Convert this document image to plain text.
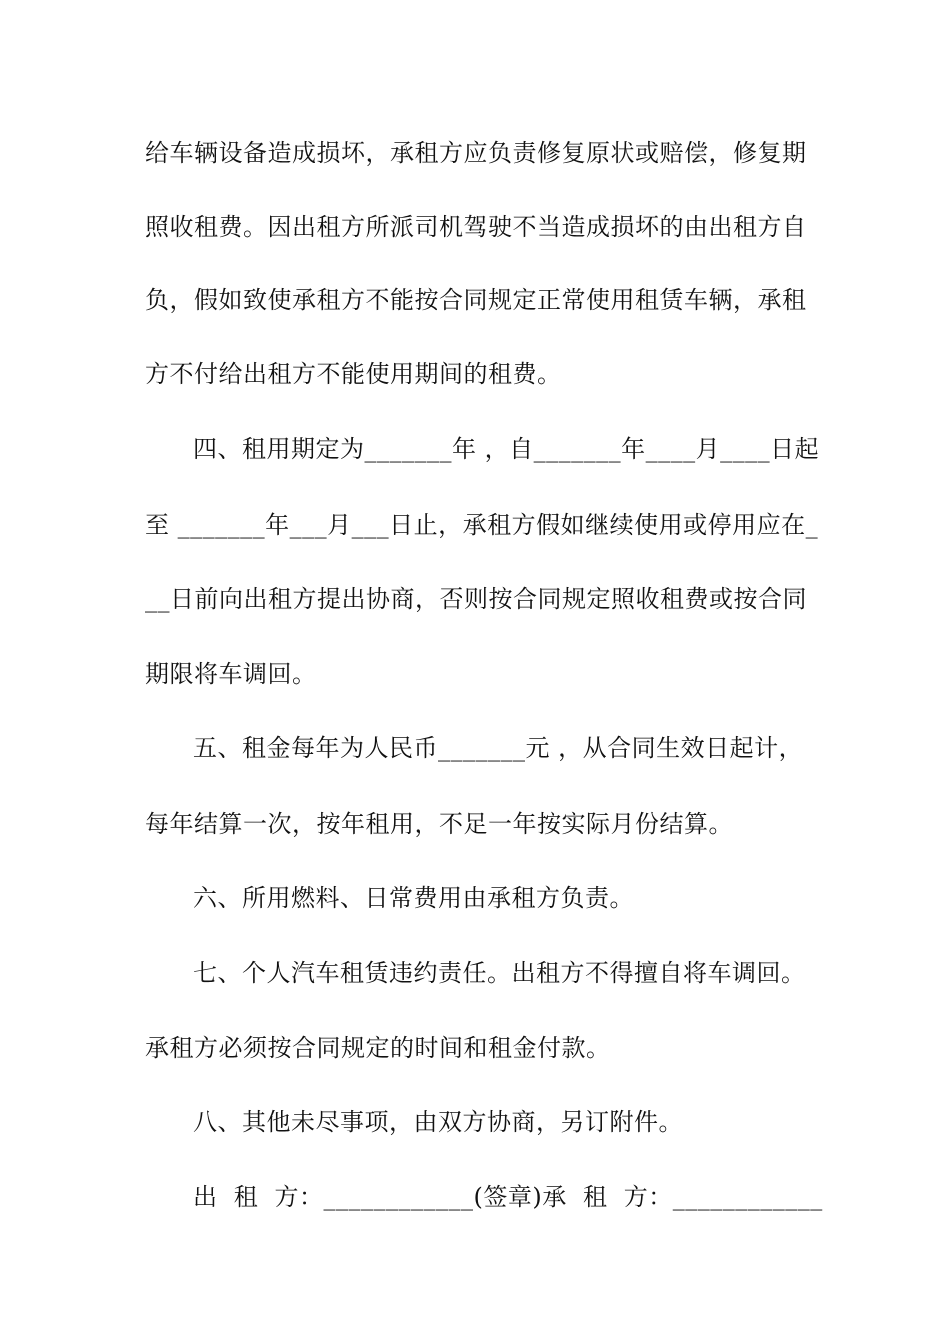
给车辆设备造成损坏，承租方应负责修复原状或赔偿，修复期
照收租费。因出租方所派司机驾驶不当造成损坏的由出租方自
负，假如致使承租方不能按合同规定正常使用租赁车辆，承租
方不付给出租方不能使用期间的租费。
四、租用期定为_______年 ，自_______年____月____日起
至 _______年___月___日止，承租方假如继续使用或停用应在_
__日前向出租方提出协商，否则按合同规定照收租费或按合同
期限将车调回。
五、租金每年为人民币_______元 ，从合同生效日起计，
每年结算一次，按年租用，不足一年按实际月份结算。
六、所用燃料、日常费用由承租方负责。
七、个人汽车租赁违约责任。出租方不得擅自将车调回。
承租方必须按合同规定的时间和租金付款。
八、其他未尽事项，由双方协商，另订附件。
出  租  方：____________(签章)承  租  方：____________
